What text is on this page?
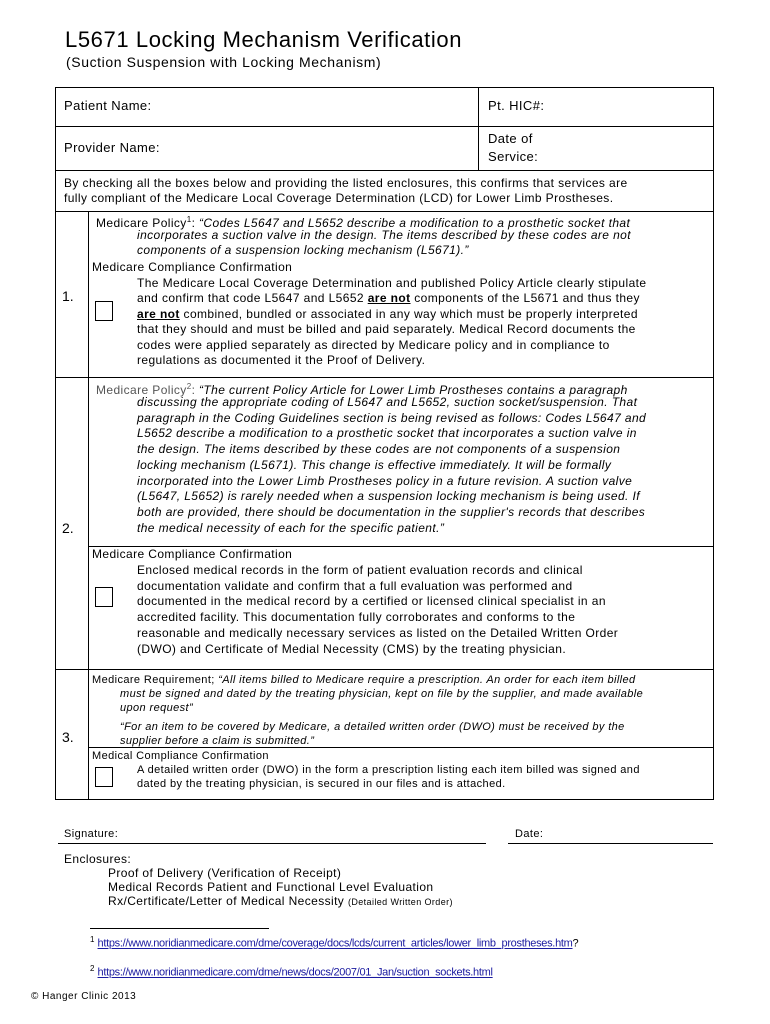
L5671 Locking Mechanism Verification
(Suction Suspension with Locking Mechanism)
Patient Name:	Pt. HIC#:
Provider Name:
Date of
Service:
By checking all the boxes below and providing the listed enclosures, this confirms that services are
fully compliant of the Medicare Local Coverage Determination (LCD) for Lower Limb Prostheses.
1.
Medicare Policy$^1$: “Codes L5647 and L5652 describe a modification to a prosthetic socket that
incorporates a suction valve in the design. The items described by these codes are not
components of a suspension locking mechanism (L5671).”
Medicare Compliance Confirmation
The Medicare Local Coverage Determination and published Policy Article clearly stipulate
and confirm that code L5647 and L5652 are not components of the L5671 and thus they
are not combined, bundled or associated in any way which must be properly interpreted
that they should and must be billed and paid separately. Medical Record documents the
codes were applied separately as directed by Medicare policy and in compliance to
regulations as documented it the Proof of Delivery.
2.
Medicare Policy$^2$: “The current Policy Article for Lower Limb Prostheses contains a paragraph
discussing the appropriate coding of L5647 and L5652, suction socket/suspension. That
paragraph in the Coding Guidelines section is being revised as follows: Codes L5647 and
L5652 describe a modification to a prosthetic socket that incorporates a suction valve in
the design. The items described by these codes are not components of a suspension
locking mechanism (L5671). This change is effective immediately. It will be formally
incorporated into the Lower Limb Prostheses policy in a future revision. A suction valve
(L5647, L5652) is rarely needed when a suspension locking mechanism is being used. If
both are provided, there should be documentation in the supplier's records that describes
the medical necessity of each for the specific patient.”
Medicare Compliance Confirmation
Enclosed medical records in the form of patient evaluation records and clinical
documentation validate and confirm that a full evaluation was performed and
documented in the medical record by a certified or licensed clinical specialist in an
accredited facility. This documentation fully corroborates and conforms to the
reasonable and medically necessary services as listed on the Detailed Written Order
(DWO) and Certificate of Medial Necessity (CMS) by the treating physician.
3.
Medicare Requirement; “All items billed to Medicare require a prescription. An order for each item billed
must be signed and dated by the treating physician, kept on file by the supplier, and made available
upon request”
“For an item to be covered by Medicare, a detailed written order (DWO) must be received by the
supplier before a claim is submitted.”
Medical Compliance Confirmation
A detailed written order (DWO) in the form a prescription listing each item billed was signed and
dated by the treating physician, is secured in our files and is attached.
Signature:	Date:
Enclosures:
Proof of Delivery (Verification of Receipt)
Medical Records Patient and Functional Level Evaluation
Rx/Certificate/Letter of Medical Necessity (Detailed Written Order)
$^1$ https://www.noridianmedicare.com/dme/coverage/docs/lcds/current_articles/lower_limb_prostheses.htm?
$^2$ https://www.noridianmedicare.com/dme/news/docs/2007/01_Jan/suction_sockets.html
© Hanger Clinic 2013
